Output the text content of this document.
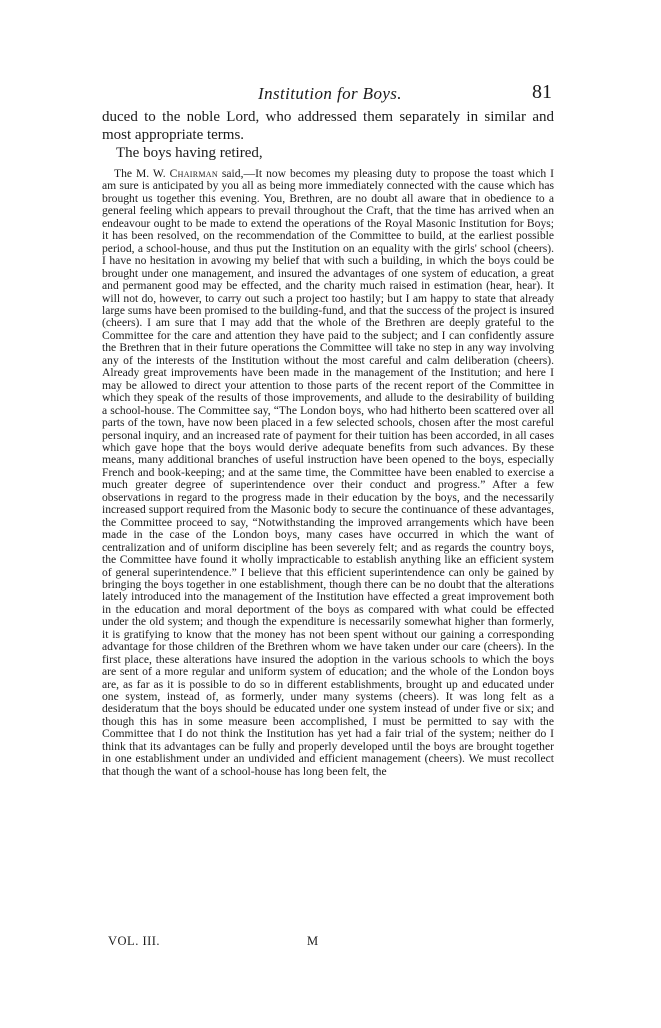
Institution for Boys.	81

duced to the noble Lord, who addressed them separately in similar and most appropriate terms.

The boys having retired,

The M. W. Chairman said,—It now becomes my pleasing duty to propose the toast which I am sure is anticipated by you all as being more immediately connected with the cause which has brought us together this evening. You, Brethren, are no doubt all aware that in obedience to a general feeling which appears to prevail throughout the Craft, that the time has arrived when an endeavour ought to be made to extend the operations of the Royal Masonic Institution for Boys; it has been resolved, on the recommendation of the Committee to build, at the earliest possible period, a school-house, and thus put the Institution on an equality with the girls' school (cheers). I have no hesitation in avowing my belief that with such a building, in which the boys could be brought under one management, and insured the advantages of one system of education, a great and permanent good may be effected, and the charity much raised in estimation (hear, hear). It will not do, however, to carry out such a project too hastily; but I am happy to state that already large sums have been promised to the building-fund, and that the success of the project is insured (cheers). I am sure that I may add that the whole of the Brethren are deeply grateful to the Committee for the care and attention they have paid to the subject; and I can confidently assure the Brethren that in their future operations the Committee will take no step in any way involving any of the interests of the Institution without the most careful and calm deliberation (cheers). Already great improvements have been made in the management of the Institution; and here I may be allowed to direct your attention to those parts of the recent report of the Committee in which they speak of the results of those improvements, and allude to the desirability of building a school-house. The Committee say, “The London boys, who had hitherto been scattered over all parts of the town, have now been placed in a few selected schools, chosen after the most careful personal inquiry, and an increased rate of payment for their tuition has been accorded, in all cases which gave hope that the boys would derive adequate benefits from such advances. By these means, many additional branches of useful instruction have been opened to the boys, especially French and book-keeping; and at the same time, the Committee have been enabled to exercise a much greater degree of superintendence over their conduct and progress.” After a few observations in regard to the progress made in their education by the boys, and the necessarily increased support required from the Masonic body to secure the continuance of these advantages, the Committee proceed to say, “Notwithstanding the improved arrangements which have been made in the case of the London boys, many cases have occurred in which the want of centralization and of uniform discipline has been severely felt; and as regards the country boys, the Committee have found it wholly impracticable to establish anything like an efficient system of general superintendence.” I believe that this efficient superintendence can only be gained by bringing the boys together in one establishment, though there can be no doubt that the alterations lately introduced into the management of the Institution have effected a great improvement both in the education and moral deportment of the boys as compared with what could be effected under the old system; and though the expenditure is necessarily somewhat higher than formerly, it is gratifying to know that the money has not been spent without our gaining a corresponding advantage for those children of the Brethren whom we have taken under our care (cheers). In the first place, these alterations have insured the adoption in the various schools to which the boys are sent of a more regular and uniform system of education; and the whole of the London boys are, as far as it is possible to do so in different establishments, brought up and educated under one system, instead of, as formerly, under many systems (cheers). It was long felt as a desideratum that the boys should be educated under one system instead of under five or six; and though this has in some measure been accomplished, I must be permitted to say with the Committee that I do not think the Institution has yet had a fair trial of the system; neither do I think that its advantages can be fully and properly developed until the boys are brought together in one establishment under an undivided and efficient management (cheers). We must recollect that though the want of a school-house has long been felt, the

VOL. III.	M
